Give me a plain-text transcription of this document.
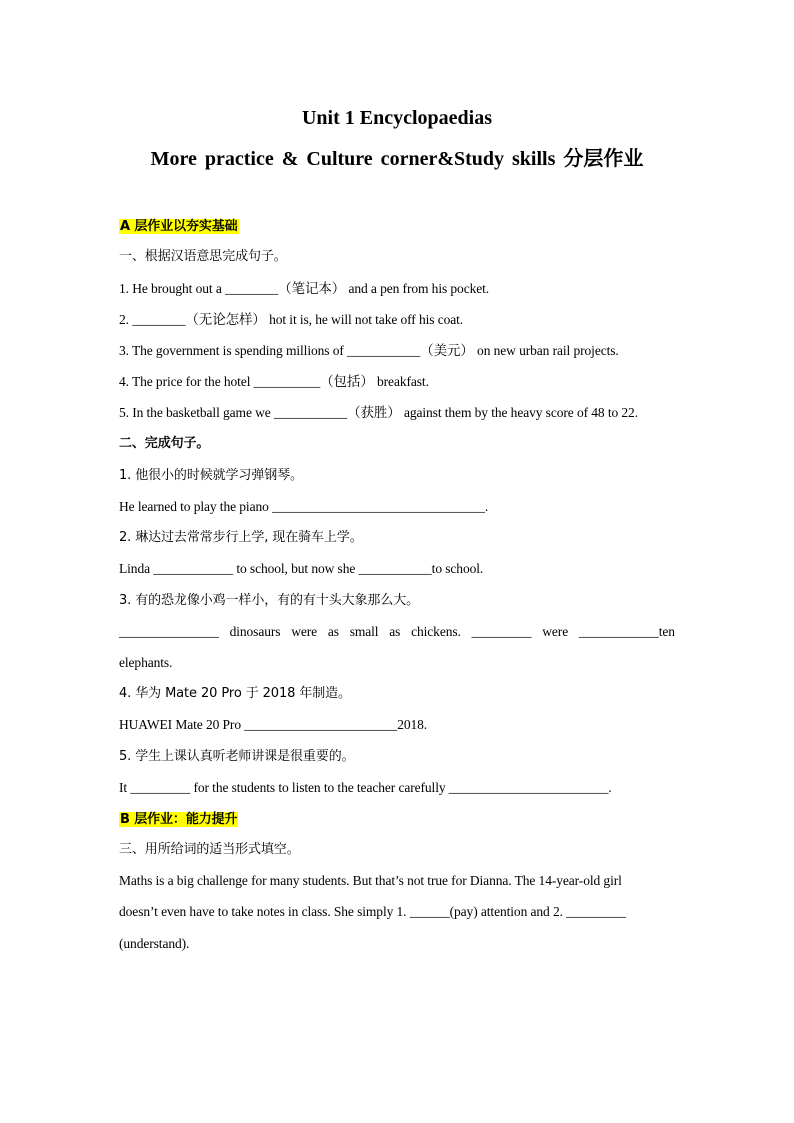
Unit 1 Encyclopaedias
More practice & Culture corner&Study skills 分层作业
A 层作业以夯实基础
一、根据汉语意思完成句子。
1. He brought out a ________（笔记本） and a pen from his pocket.
2. ________（无论怎样） hot it is, he will not take off his coat.
3. The government is spending millions of ___________（美元） on new urban rail projects.
4. The price for the hotel __________（包括） breakfast.
5. In the basketball game we ___________（获胜） against them by the heavy score of 48 to 22.
二、完成句子。
1. 他很小的时候就学习弹钢琴。
He learned to play the piano ________________________________.
2. 琳达过去常常步行上学, 现在骑车上学。
Linda ____________ to school, but now she ___________to school.
3. 有的恐龙像小鸡一样小，有的有十头大象那么大。
_______________ dinosaurs were as small as chickens. _________ were ____________ten
elephants.
4. 华为 Mate 20 Pro 于 2018 年制造。
HUAWEI Mate 20 Pro _______________________2018.
5. 学生上课认真听老师讲课是很重要的。
It _________ for the students to listen to the teacher carefully ________________________.
B 层作业：能力提升
三、用所给词的适当形式填空。
Maths is a big challenge for many students. But that’s not true for Dianna. The 14-year-old girl
doesn’t even have to take notes in class. She simply 1. ______(pay) attention and 2. _________
(understand).
